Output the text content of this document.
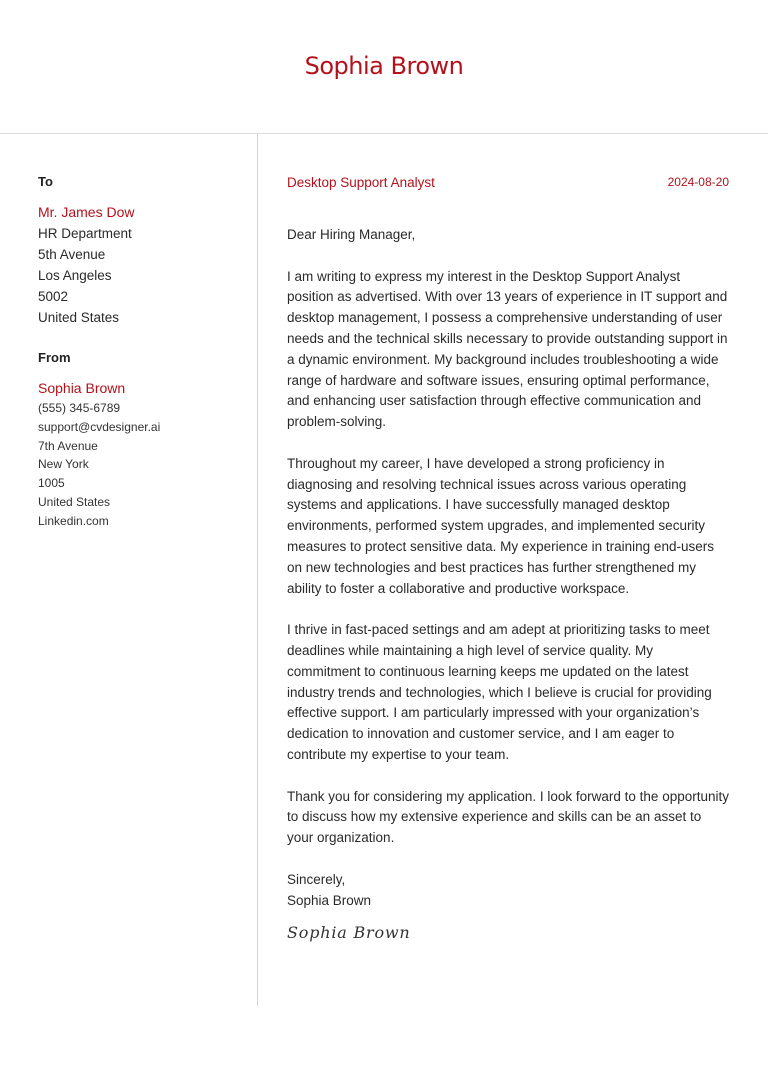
Sophia Brown
To
Mr. James Dow
HR Department
5th Avenue
Los Angeles
5002
United States
From
Sophia Brown
(555) 345-6789
support@cvdesigner.ai
7th Avenue
New York
1005
United States
Linkedin.com
Desktop Support Analyst	2024-08-20
Dear Hiring Manager,
I am writing to express my interest in the Desktop Support Analyst position as advertised. With over 13 years of experience in IT support and desktop management, I possess a comprehensive understanding of user needs and the technical skills necessary to provide outstanding support in a dynamic environment. My background includes troubleshooting a wide range of hardware and software issues, ensuring optimal performance, and enhancing user satisfaction through effective communication and problem-solving.
Throughout my career, I have developed a strong proficiency in diagnosing and resolving technical issues across various operating systems and applications. I have successfully managed desktop environments, performed system upgrades, and implemented security measures to protect sensitive data. My experience in training end-users on new technologies and best practices has further strengthened my ability to foster a collaborative and productive workspace.
I thrive in fast-paced settings and am adept at prioritizing tasks to meet deadlines while maintaining a high level of service quality. My commitment to continuous learning keeps me updated on the latest industry trends and technologies, which I believe is crucial for providing effective support. I am particularly impressed with your organization’s dedication to innovation and customer service, and I am eager to contribute my expertise to your team.
Thank you for considering my application. I look forward to the opportunity to discuss how my extensive experience and skills can be an asset to your organization.
Sincerely,
Sophia Brown
Sophia Brown
